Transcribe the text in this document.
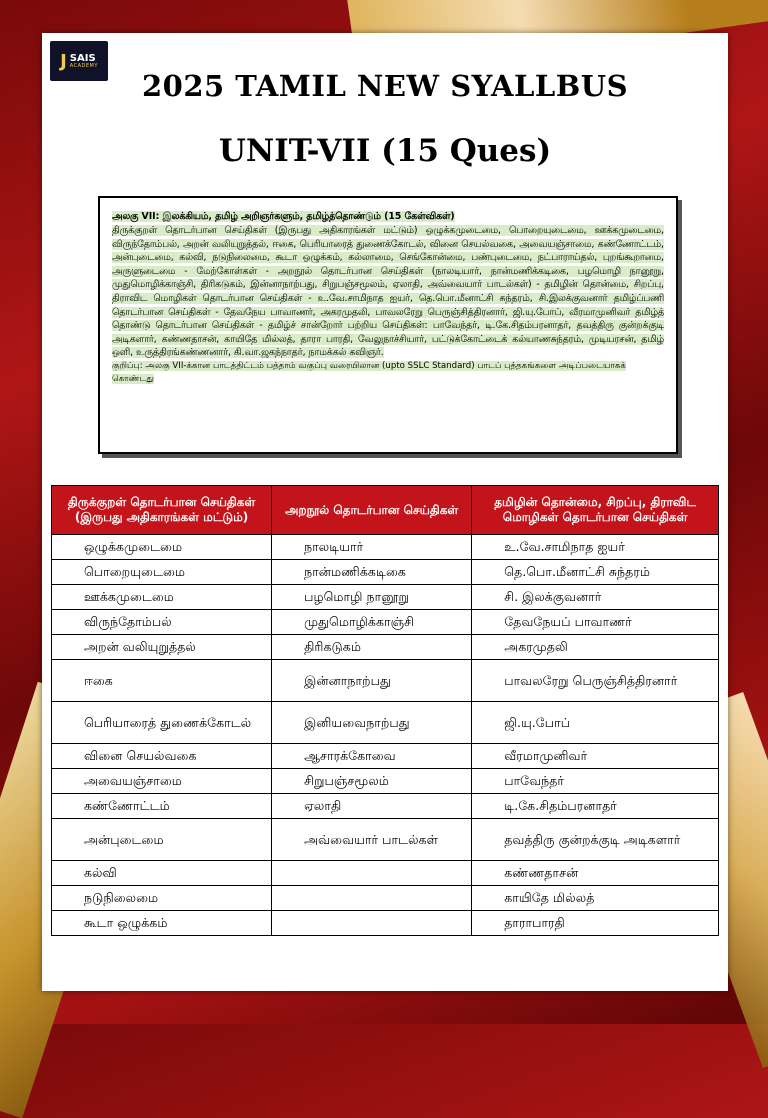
J SAIS
ACADEMY
2025 TAMIL NEW SYALLBUS
UNIT-VII (15 Ques)
அலகு VII: இலக்கியம், தமிழ் அறிஞர்களும், தமிழ்த்தொண்டும் (15 கேள்விகள்)
திருக்குறள் தொடர்பான செய்திகள் (இருபது அதிகாரங்கள் மட்டும்) ஒழுக்கமுடைமை, பொறையுடைமை, ஊக்கமுடைமை, விருந்தோம்பல், அறன் வலியுறுத்தல், ஈகை, பெரியாரைத் துணைக்கோடல், வினை செயல்வகை, அவையஞ்சாமை, கண்ணோட்டம், அன்புடைமை, கல்வி, நடுநிலைமை, கூடா ஒழுக்கம், கல்லாமை, செங்கோன்மை, பண்புடைமை, நட்பாராய்தல், புறங்கூறாமை, அருளுடைமை - மேற்கோள்கள் - அறநூல் தொடர்பான செய்திகள் (நாலடியார், நான்மணிக்கடிகை, பழமொழி நானூறு, முதுமொழிக்காஞ்சி, திரிகடுகம், இன்னாநாற்பது, சிறுபஞ்சமூலம், ஏலாதி, அவ்வையார் பாடல்கள்) - தமிழின் தொன்மை, சிறப்பு, திராவிட மொழிகள் தொடர்பான செய்திகள் - உ.வே.சாமிநாத ஐயர், தெ.பொ.மீனாட்சி சுந்தரம், சி.இலக்குவனார் தமிழ்ப்பணி தொடர்பான செய்திகள் - தேவநேய பாவாணர், அகரமுதலி, பாவலரேறு பெருஞ்சித்திரனார், ஜி.யு.போப், வீரமாமுனிவர் தமிழ்த் தொண்டு தொடர்பான செய்திகள் - தமிழ்ச் சான்றோர் பற்றிய செய்திகள்: பாவேந்தர், டி.கே.சிதம்பரனாதர், தவத்திரு குன்றக்குடி அடிகளார், கண்ணதாசன், காயிதே மில்லத், தாரா பாரதி, வேலுநாச்சியார், பட்டுக்கோட்டைக் கல்யாணசுந்தரம், முடியரசன், தமிழ் ஒளி, உருத்திரங்கண்ணனார், கி.வா.ஜகந்நாதர், நாமக்கல் கவிஞர்.
குறிப்பு: அலகு VII-க்கான பாடத்திட்டம் பத்தாம் வகுப்பு வரையிலான (upto SSLC Standard) பாடப் புத்தகங்களை அடிப்படையாகக் கொண்டது
திருக்குறள் தொடர்பான செய்திகள் (இருபது அதிகாரங்கள் மட்டும்)	அறநூல் தொடர்பான செய்திகள்	தமிழின் தொன்மை, சிறப்பு, திராவிட மொழிகள் தொடர்பான செய்திகள்
ஒழுக்கமுடைமை	நாலடியார்	உ.வே.சாமிநாத ஐயர்
பொறையுடைமை	நான்மணிக்கடிகை	தெ.பொ.மீனாட்சி சுந்தரம்
ஊக்கமுடைமை	பழமொழி நானூறு	சி. இலக்குவனார்
விருந்தோம்பல்	முதுமொழிக்காஞ்சி	தேவநேயப் பாவாணர்
அறன் வலியுறுத்தல்	திரிகடுகம்	அகரமுதலி
ஈகை	இன்னாநாற்பது	பாவலரேறு பெருஞ்சித்திரனார்
பெரியாரைத் துணைக்கோடல்	இனியவைநாற்பது	ஜி.யு.போப்
வினை செயல்வகை	ஆசாரக்கோவை	வீரமாமுனிவர்
அவையஞ்சாமை	சிறுபஞ்சமூலம்	பாவேந்தர்
கண்ணோட்டம்	ஏலாதி	டி.கே.சிதம்பரனாதர்
அன்புடைமை	அவ்வையார் பாடல்கள்	தவத்திரு குன்றக்குடி அடிகளார்
கல்வி		கண்ணதாசன்
நடுநிலைமை		காயிதே மில்லத்
கூடா ஒழுக்கம்		தாராபாரதி
